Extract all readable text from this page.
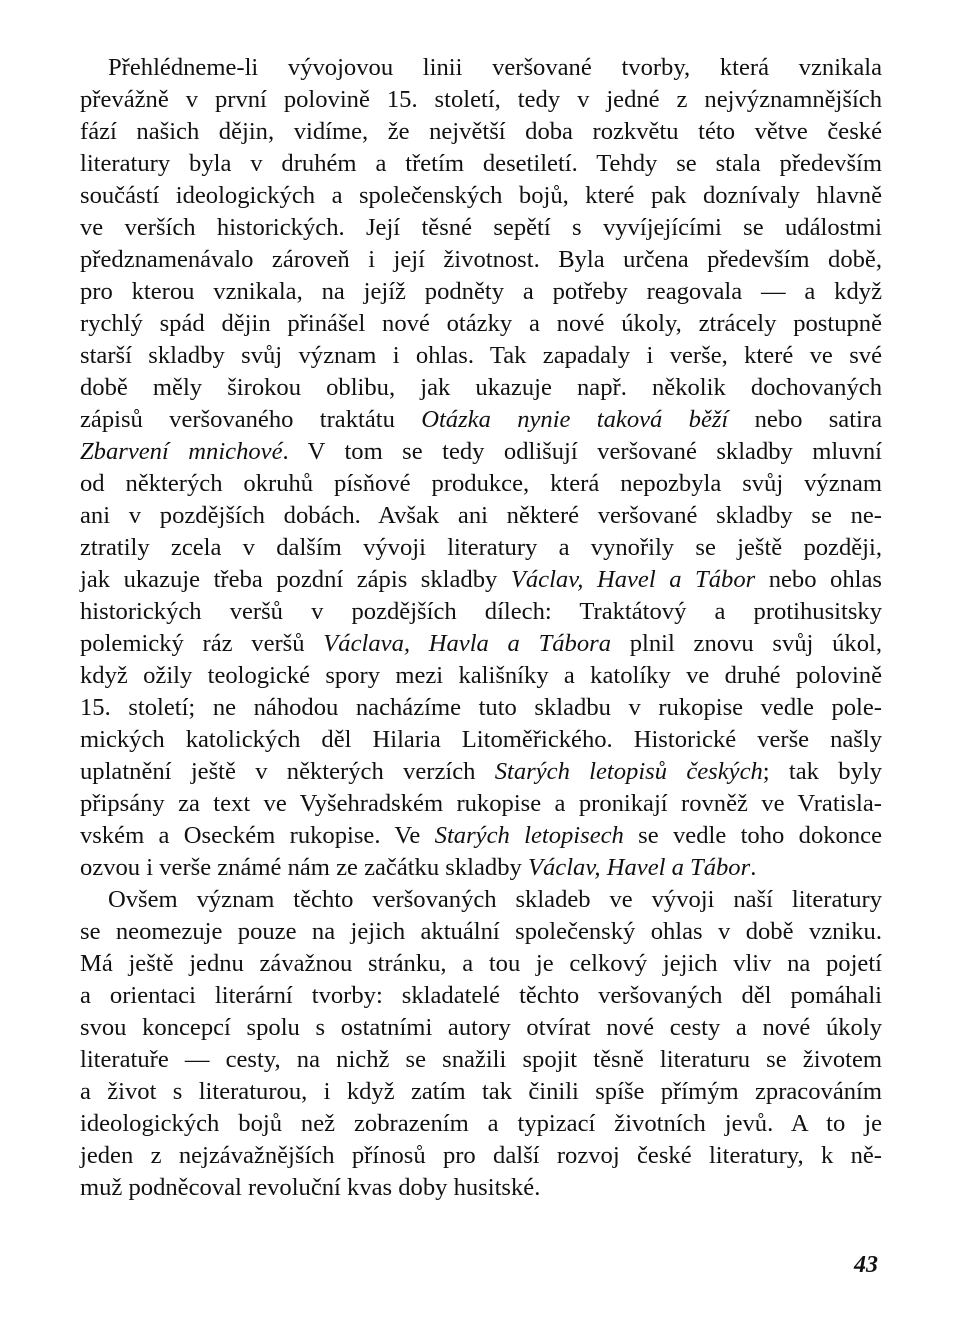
Přehlédneme-li vývojovou linii veršované tvorby, která vznikala
převážně v první polovině 15. století, tedy v jedné z nejvýznamnějších
fází našich dějin, vidíme, že největší doba rozkvětu této větve české
literatury byla v druhém a třetím desetiletí. Tehdy se stala především
součástí ideologických a společenských bojů, které pak doznívaly hlavně
ve verších historických. Její těsné sepětí s vyvíjejícími se událostmi
předznamenávalo zároveň i její životnost. Byla určena především době,
pro kterou vznikala, na jejíž podněty a potřeby reagovala — a když
rychlý spád dějin přinášel nové otázky a nové úkoly, ztrácely postupně
starší skladby svůj význam i ohlas. Tak zapadaly i verše, které ve své
době měly širokou oblibu, jak ukazuje např. několik dochovaných
zápisů veršovaného traktátu Otázka nynie taková běží nebo satira
Zbarvení mnichové. V tom se tedy odlišují veršované skladby mluvní
od některých okruhů písňové produkce, která nepozbyla svůj význam
ani v pozdějších dobách. Avšak ani některé veršované skladby se ne-
ztratily zcela v dalším vývoji literatury a vynořily se ještě později,
jak ukazuje třeba pozdní zápis skladby Václav, Havel a Tábor nebo ohlas
historických veršů v pozdějších dílech: Traktátový a protihusitsky
polemický ráz veršů Václava, Havla a Tábora plnil znovu svůj úkol,
když ožily teologické spory mezi kališníky a katolíky ve druhé polovině
15. století; ne náhodou nacházíme tuto skladbu v rukopise vedle pole-
mických katolických děl Hilaria Litoměřického. Historické verše našly
uplatnění ještě v některých verzích Starých letopisů českých; tak byly
připsány za text ve Vyšehradském rukopise a pronikají rovněž ve Vratisla-
vském a Oseckém rukopise. Ve Starých letopisech se vedle toho dokonce
ozvou i verše známé nám ze začátku skladby Václav, Havel a Tábor.
Ovšem význam těchto veršovaných skladeb ve vývoji naší literatury
se neomezuje pouze na jejich aktuální společenský ohlas v době vzniku.
Má ještě jednu závažnou stránku, a tou je celkový jejich vliv na pojetí
a orientaci literární tvorby: skladatelé těchto veršovaných děl pomáhali
svou koncepcí spolu s ostatními autory otvírat nové cesty a nové úkoly
literatuře — cesty, na nichž se snažili spojit těsně literaturu se životem
a život s literaturou, i když zatím tak činili spíše přímým zpracováním
ideologických bojů než zobrazením a typizací životních jevů. A to je
jeden z nejzávažnějších přínosů pro další rozvoj české literatury, k ně-
muž podněcoval revoluční kvas doby husitské.
43
